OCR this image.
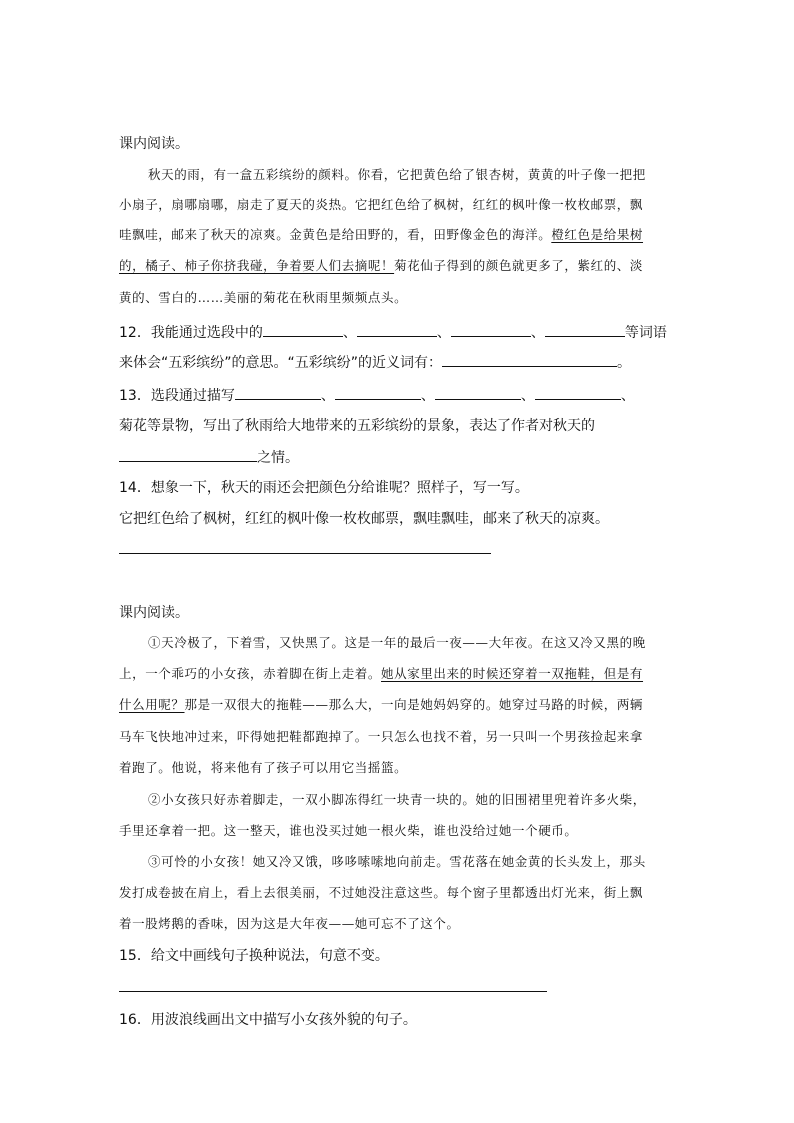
课内阅读。
秋天的雨，有一盒五彩缤纷的颜料。你看，它把黄色给了银杏树，黄黄的叶子像一把把
小扇子，扇哪扇哪，扇走了夏天的炎热。它把红色给了枫树，红红的枫叶像一枚枚邮票，飘
哇飘哇，邮来了秋天的凉爽。金黄色是给田野的，看，田野像金色的海洋。橙红色是给果树
的，橘子、柿子你挤我碰，争着要人们去摘呢！菊花仙子得到的颜色就更多了，紫红的、淡
黄的、雪白的……美丽的菊花在秋雨里频频点头。
12．我能通过选段中的	、	、	、	等词语
来体会“五彩缤纷”的意思。“五彩缤纷”的近义词有：	。
13．选段通过描写	、	、	、	、
菊花等景物，写出了秋雨给大地带来的五彩缤纷的景象，表达了作者对秋天的
之情。
14．想象一下，秋天的雨还会把颜色分给谁呢？照样子，写一写。
它把红色给了枫树，红红的枫叶像一枚枚邮票，飘哇飘哇，邮来了秋天的凉爽。
课内阅读。
①天冷极了，下着雪，又快黑了。这是一年的最后一夜——大年夜。在这又冷又黑的晚
上，一个乖巧的小女孩，赤着脚在街上走着。她从家里出来的时候还穿着一双拖鞋，但是有
什么用呢？那是一双很大的拖鞋——那么大，一向是她妈妈穿的。她穿过马路的时候，两辆
马车飞快地冲过来，吓得她把鞋都跑掉了。一只怎么也找不着，另一只叫一个男孩捡起来拿
着跑了。他说，将来他有了孩子可以用它当摇篮。
②小女孩只好赤着脚走，一双小脚冻得红一块青一块的。她的旧围裙里兜着许多火柴，
手里还拿着一把。这一整天，谁也没买过她一根火柴，谁也没给过她一个硬币。
③可怜的小女孩！她又冷又饿，哆哆嗦嗦地向前走。雪花落在她金黄的长头发上，那头
发打成卷披在肩上，看上去很美丽，不过她没注意这些。每个窗子里都透出灯光来，街上飘
着一股烤鹅的香味，因为这是大年夜——她可忘不了这个。
15．给文中画线句子换种说法，句意不变。
16．用波浪线画出文中描写小女孩外貌的句子。
